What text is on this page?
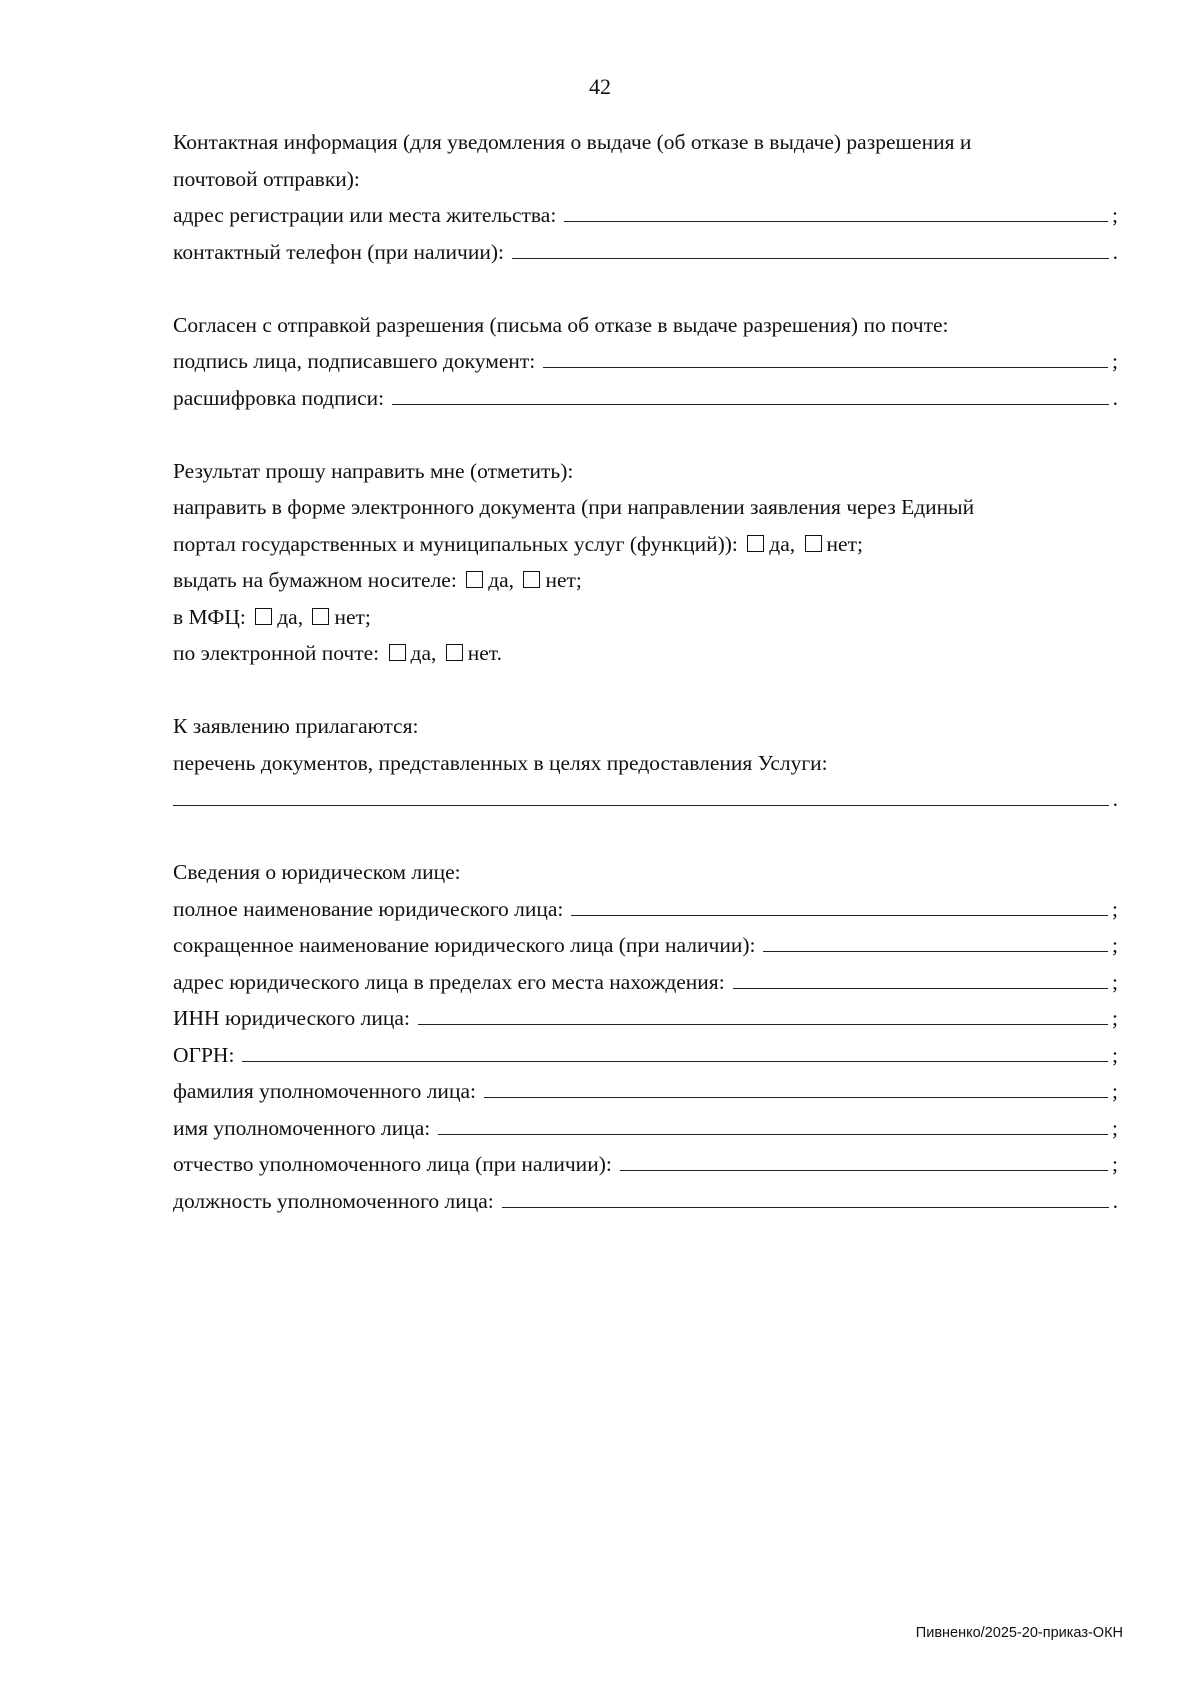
42
Контактная информация (для уведомления о выдаче (об отказе в выдаче) разрешения и
почтовой отправки):
адрес регистрации или места жительства:	;
контактный телефон (при наличии):	.
Согласен с отправкой разрешения (письма об отказе в выдаче разрешения) по почте:
подпись лица, подписавшего документ:	;
расшифровка подписи:	.
Результат прошу направить мне (отметить):
направить в форме электронного документа (при направлении заявления через Единый
портал государственных и муниципальных услуг (функций)): да, нет;
выдать на бумажном носителе: да, нет;
в МФЦ: да, нет;
по электронной почте: да, нет.
К заявлению прилагаются:
перечень документов, представленных в целях предоставления Услуги:
.
Сведения о юридическом лице:
полное наименование юридического лица:	;
сокращенное наименование юридического лица (при наличии):	;
адрес юридического лица в пределах его места нахождения:	;
ИНН юридического лица:	;
ОГРН:	;
фамилия уполномоченного лица:	;
имя уполномоченного лица:	;
отчество уполномоченного лица (при наличии):	;
должность уполномоченного лица:	.
Пивненко/2025-20-приказ-ОКН
